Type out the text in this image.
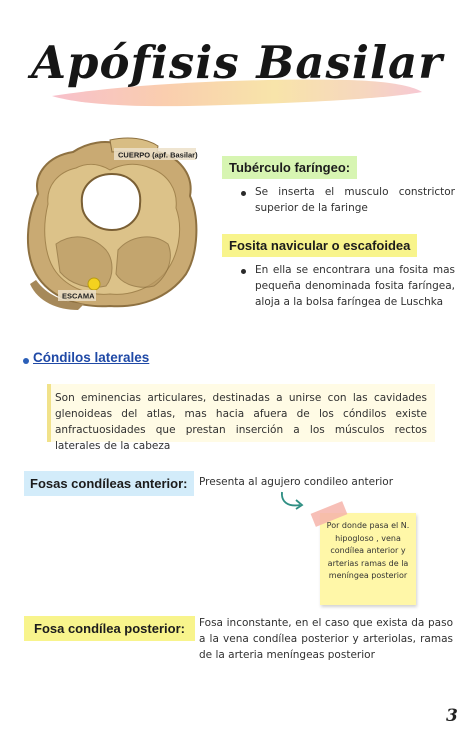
Apófisis Basilar
CUERPO (apf. Basilar)
ESCAMA
Tubérculo faríngeo:
Se inserta el musculo constrictor superior de la faringe
Fosita navicular o escafoidea
En ella se encontrara una fosita mas pequeña denominada fosita faríngea, aloja a la bolsa faríngea de Luschka
Cóndilos laterales
Son eminencias articulares, destinadas a unirse con las cavidades glenoideas del atlas, mas hacia afuera de los cóndilos existe anfractuosidades que prestan inserción a los músculos rectos laterales de la cabeza
Fosas condíleas anterior:	Presenta al agujero condileo anterior
Por donde pasa el N. hipogloso , vena condílea anterior y arterias ramas de la meníngea posterior
Fosa condílea posterior:	Fosa inconstante, en el caso que exista da paso a la vena condílea posterior y arteriolas, ramas de la arteria meníngeas posterior
3
